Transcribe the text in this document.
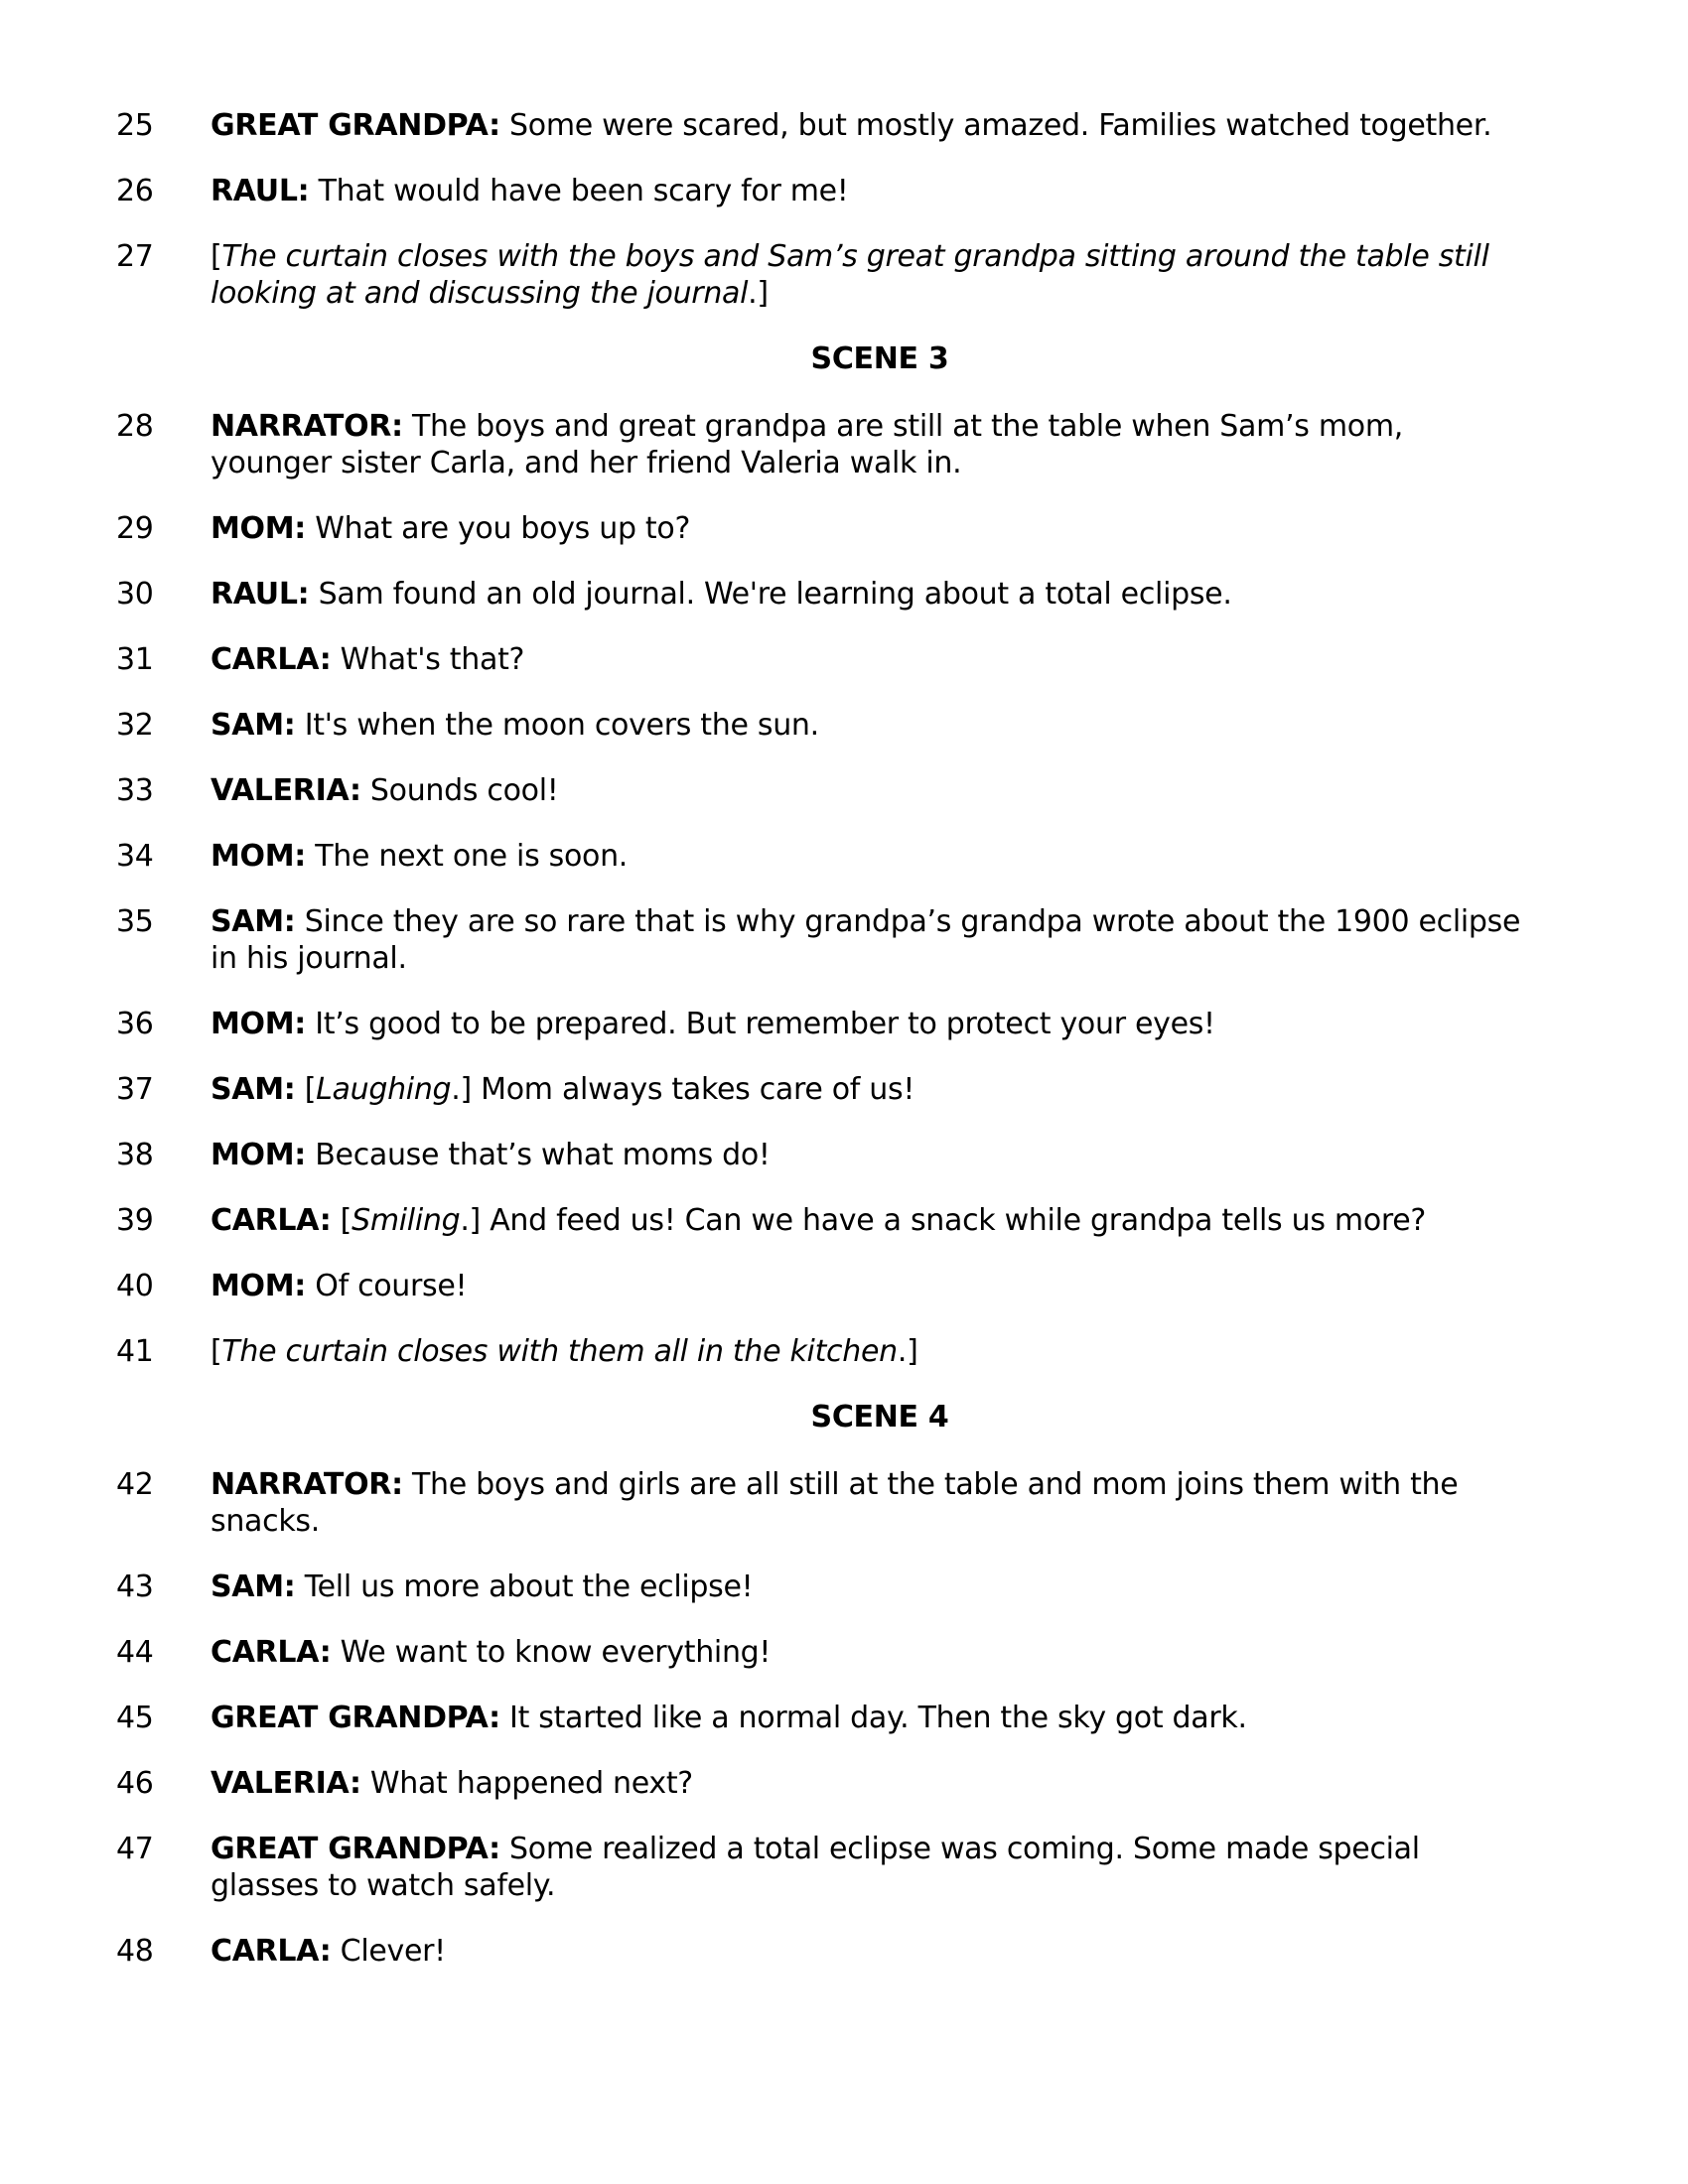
25	GREAT GRANDPA: Some were scared, but mostly amazed. Families watched together.
26	RAUL: That would have been scary for me!
27	[The curtain closes with the boys and Sam’s great grandpa sitting around the table still
looking at and discussing the journal.]
SCENE 3
28	NARRATOR: The boys and great grandpa are still at the table when Sam’s mom,
younger sister Carla, and her friend Valeria walk in.
29	MOM: What are you boys up to?
30	RAUL: Sam found an old journal. We're learning about a total eclipse.
31	CARLA: What's that?
32	SAM: It's when the moon covers the sun.
33	VALERIA: Sounds cool!
34	MOM: The next one is soon.
35	SAM: Since they are so rare that is why grandpa’s grandpa wrote about the 1900 eclipse
in his journal.
36	MOM: It’s good to be prepared. But remember to protect your eyes!
37	SAM: [Laughing.] Mom always takes care of us!
38	MOM: Because that’s what moms do!
39	CARLA: [Smiling.] And feed us! Can we have a snack while grandpa tells us more?
40	MOM: Of course!
41	[The curtain closes with them all in the kitchen.]
SCENE 4
42	NARRATOR: The boys and girls are all still at the table and mom joins them with the
snacks.
43	SAM: Tell us more about the eclipse!
44	CARLA: We want to know everything!
45	GREAT GRANDPA: It started like a normal day. Then the sky got dark.
46	VALERIA: What happened next?
47	GREAT GRANDPA: Some realized a total eclipse was coming. Some made special
glasses to watch safely.
48	CARLA: Clever!
